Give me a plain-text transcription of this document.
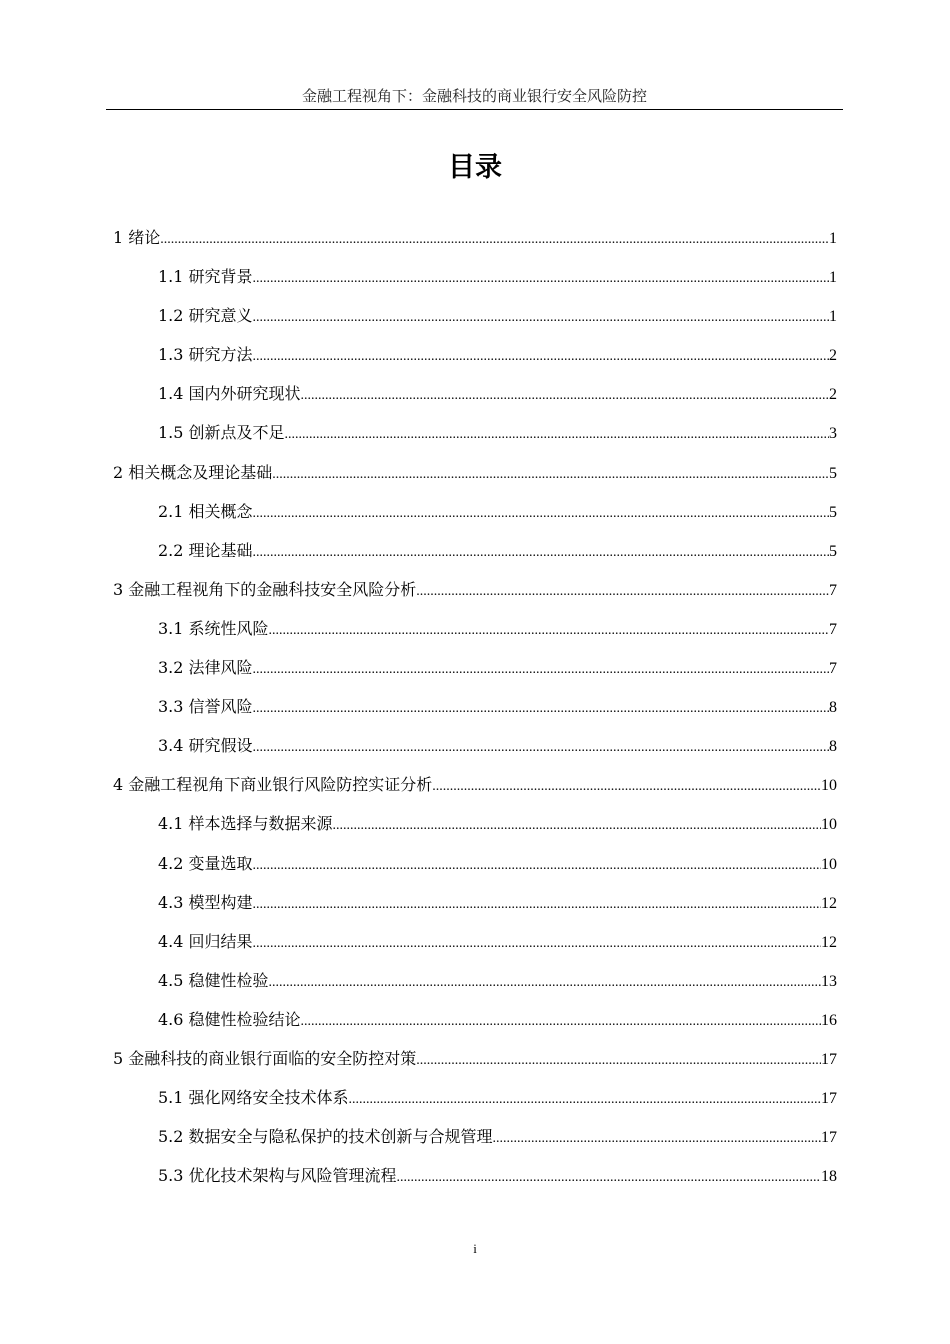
金融工程视角下：金融科技的商业银行安全风险防控
目录
1 绪论 .....	1
1.1 研究背景 .....	1
1.2 研究意义 .....	1
1.3 研究方法 .....	2
1.4 国内外研究现状 .....	2
1.5 创新点及不足 .....	3
2 相关概念及理论基础 .....	5
2.1 相关概念 .....	5
2.2 理论基础 .....	5
3 金融工程视角下的金融科技安全风险分析 .....	7
3.1 系统性风险 .....	7
3.2 法律风险 .....	7
3.3 信誉风险 .....	8
3.4 研究假设 .....	8
4 金融工程视角下商业银行风险防控实证分析 .....	10
4.1 样本选择与数据来源 .....	10
4.2 变量选取 .....	10
4.3 模型构建 .....	12
4.4 回归结果 .....	12
4.5 稳健性检验 .....	13
4.6 稳健性检验结论 .....	16
5 金融科技的商业银行面临的安全防控对策 .....	17
5.1 强化网络安全技术体系 .....	17
5.2 数据安全与隐私保护的技术创新与合规管理 .....	17
5.3 优化技术架构与风险管理流程 .....	18
i
